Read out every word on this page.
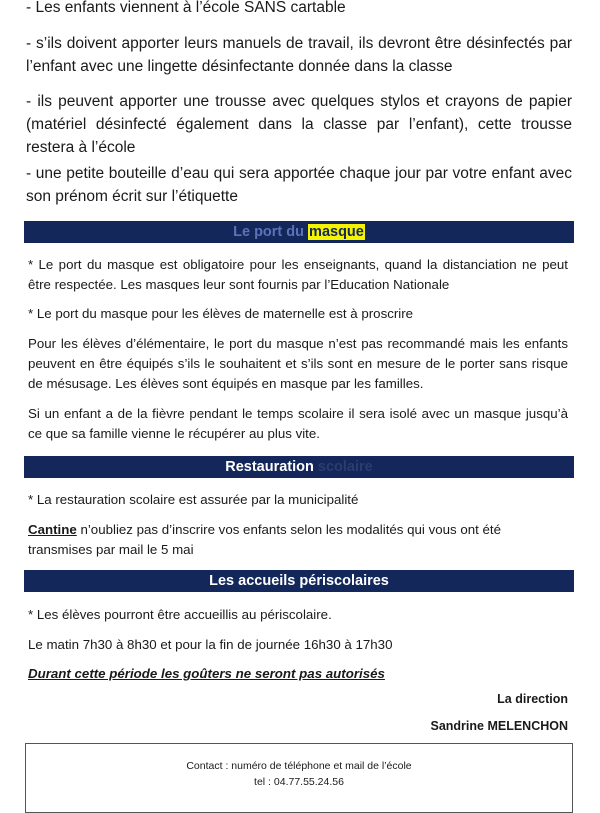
- Les enfants viennent à l’école SANS cartable

- s’ils doivent apporter leurs manuels de travail, ils devront être désinfectés par l’enfant avec une lingette désinfectante donnée dans la classe

- ils peuvent apporter une trousse avec quelques stylos et crayons de papier (matériel désinfecté également dans la classe par l’enfant), cette trousse restera à l’école

- une petite bouteille d’eau qui sera apportée chaque jour par votre enfant avec son prénom écrit sur l’étiquette

Le port du masque

* Le port du masque est obligatoire pour les enseignants, quand la distanciation ne peut être respectée. Les masques leur sont fournis par l’Education Nationale

* Le port du masque pour les élèves de maternelle est à proscrire

Pour les élèves d’élémentaire, le port du masque n’est pas recommandé mais les enfants peuvent en être équipés s’ils le souhaitent et s’ils sont en mesure de le porter sans risque de mésusage. Les élèves sont équipés en masque par les familles.

Si un enfant a de la fièvre pendant le temps scolaire il sera isolé avec un masque jusqu’à ce que sa famille vienne le récupérer au plus vite.

Restauration scolaire

* La restauration scolaire est assurée par la municipalité

Cantine n’oubliez pas d’inscrire vos enfants selon les modalités qui vous ont été transmises par mail le 5 mai

Les accueils périscolaires

* Les élèves pourront être accueillis au périscolaire.

Le matin 7h30 à 8h30 et pour la fin de journée 16h30 à 17h30

Durant cette période les goûters ne seront pas autorisés

La direction
Sandrine MELENCHON
Contact : numéro de téléphone et mail de l’école
tel : 04.77.55.24.56
